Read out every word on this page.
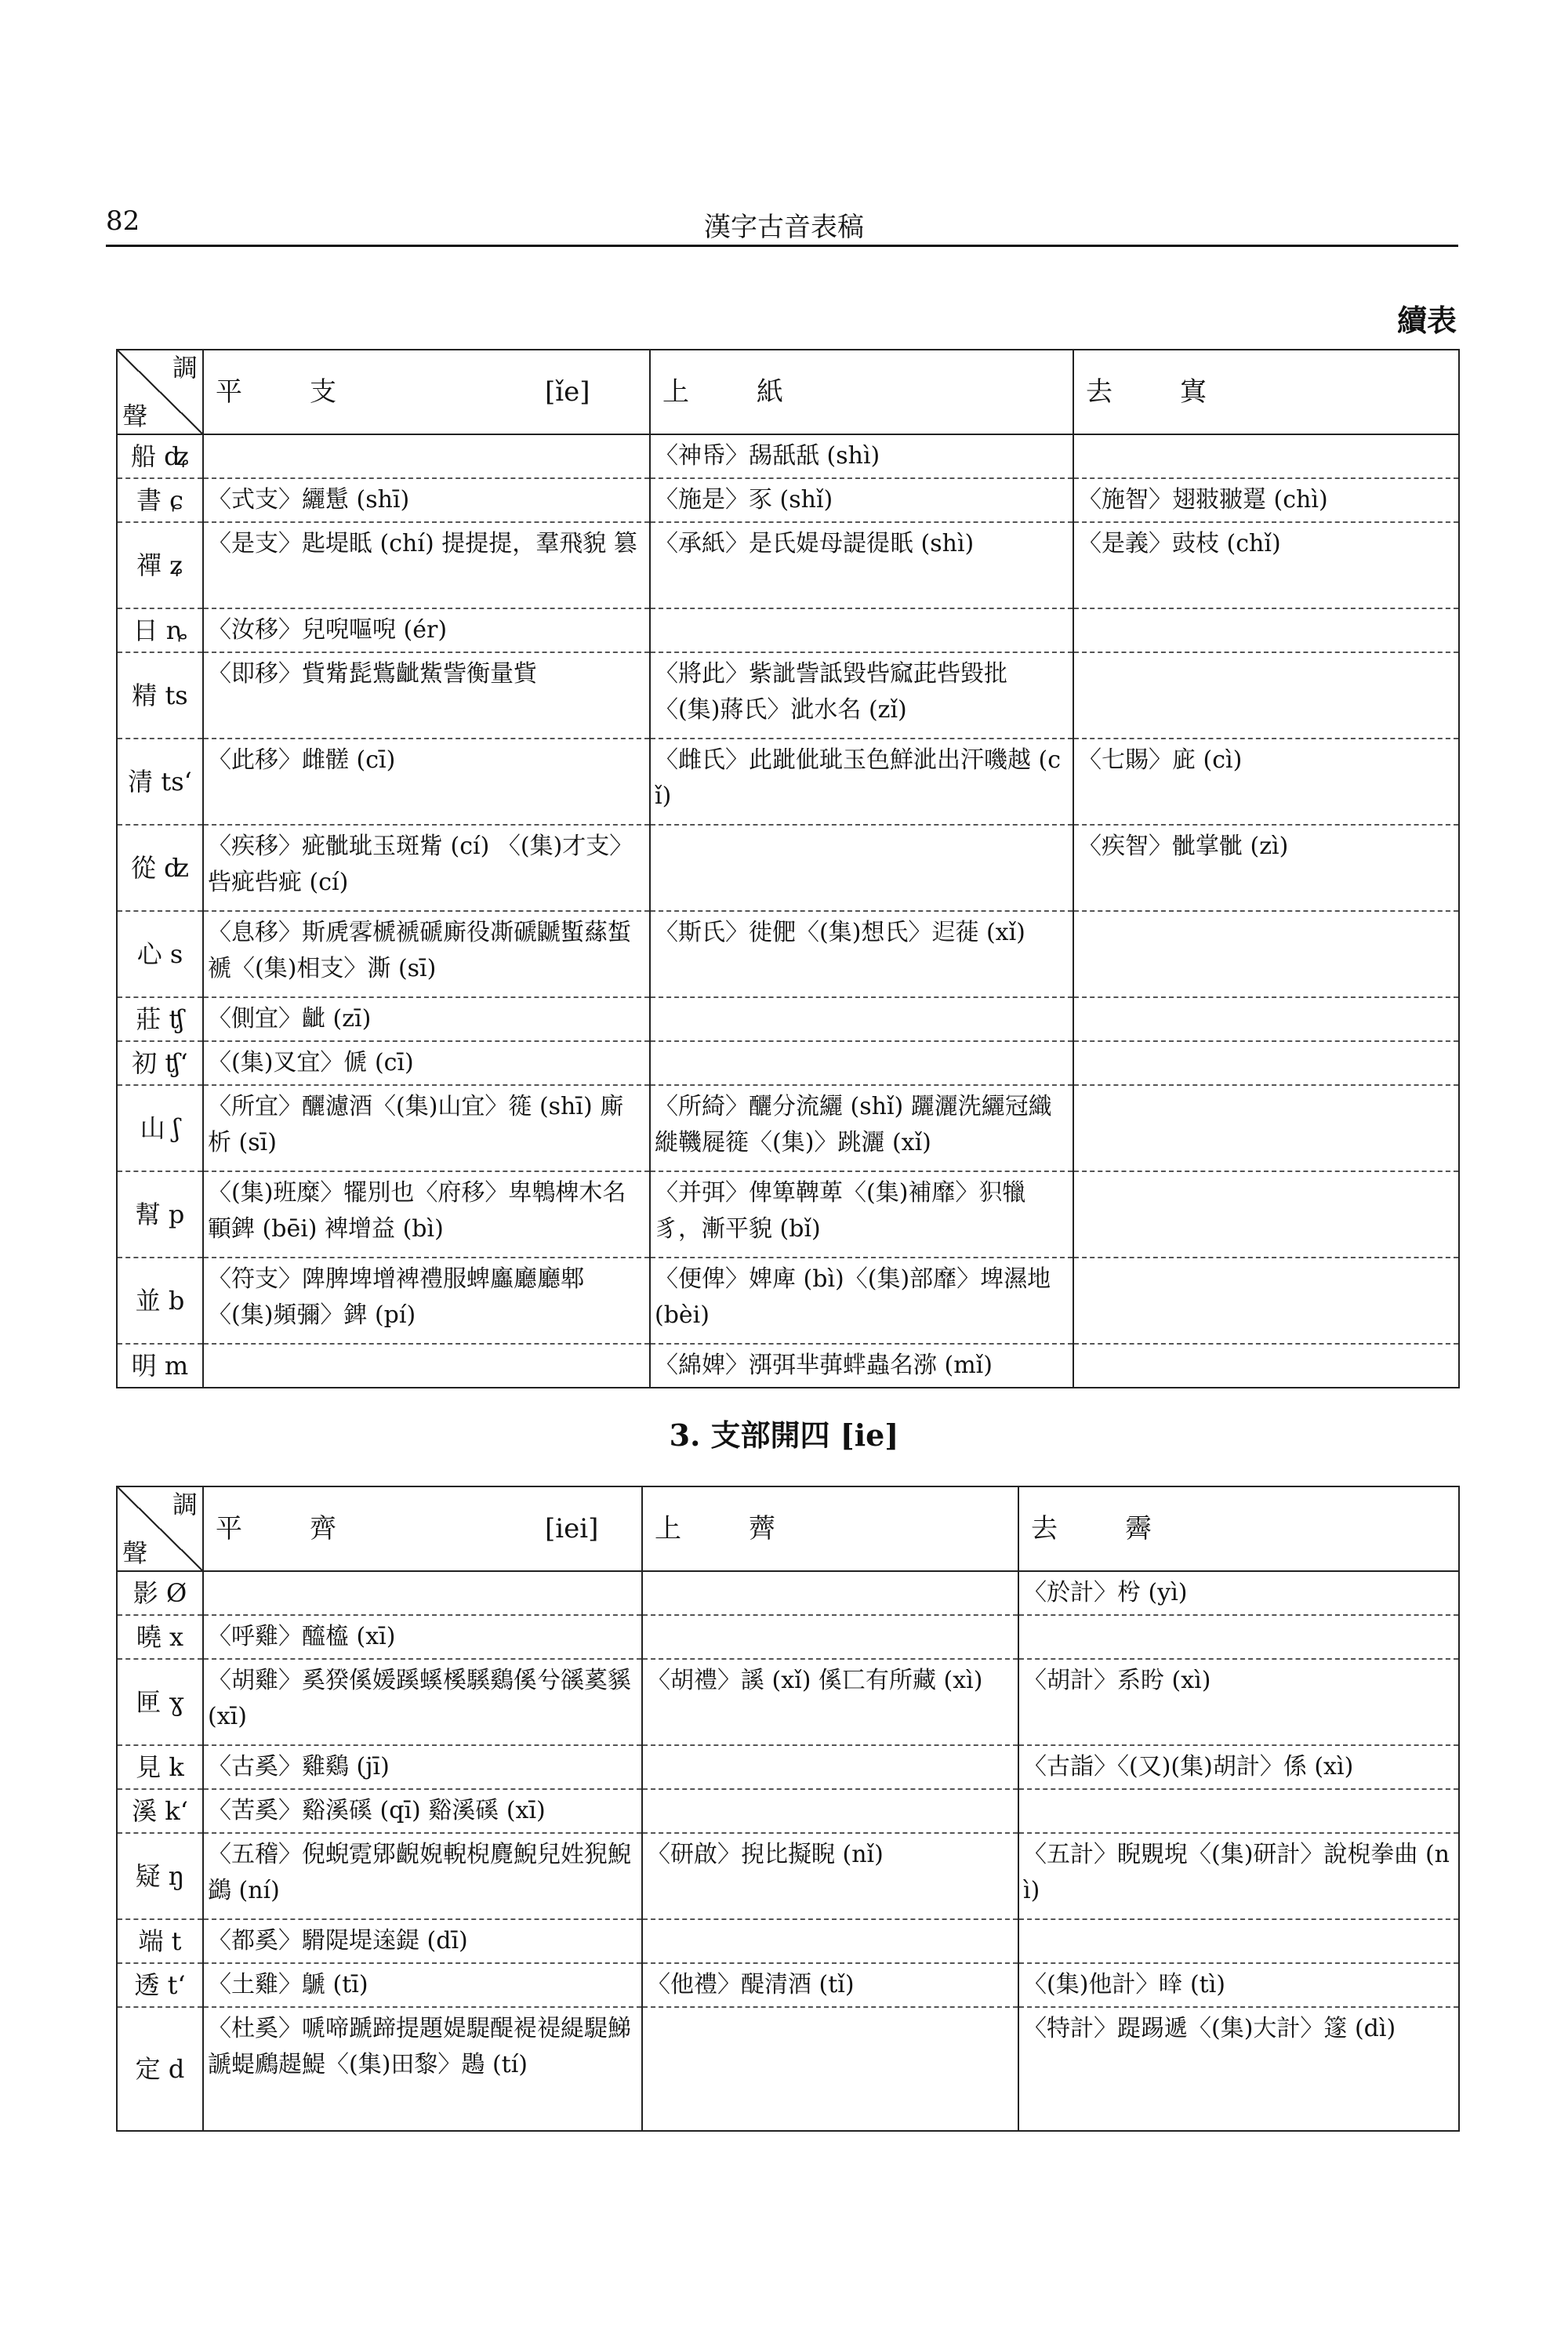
82	漢字古音表稿
續表
調
聲	平 支 [ǐe]	上 紙	去 寘

船 ʥ		〈神帋〉舓舐舐 (shì)	
書 ɕ	〈式支〉纚䰄 (shī)	〈施是〉豕 (shǐ)	〈施智〉翅翄翍翨 (chì)
禪 ʑ	〈是支〉匙堤眡 (chí) 提提提，羣飛貌 篡	〈承紙〉是氏媞母諟徥眂 (shì)	〈是義〉豉枝 (chǐ)
日 ȵ	〈汝移〉兒唲嘔唲 (ér)		
精 ts	〈即移〉貲觜髭鴜齜鮆訾衡量貲	〈將此〉紫訿訾詆毀呰窳茈呰毀批〈(集)蔣氏〉泚水名 (zǐ)	
清 ts‘	〈此移〉雌髊 (cī)	〈雌氏〉此跐佌玼玉色鮮泚出汗嘰越 (cǐ)	〈七賜〉庛 (cì)
從 ʣ	〈疾移〉疵骴玼玉斑觜 (cí) 〈(集)才支〉呰疵呰疵 (cí)		〈疾智〉骴掌骴 (zì)
心 s	〈息移〉斯虒𩂣榹褫磃廝役凘磃鼶蟴蕬蜤褫〈(集)相支〉澌 (sī)	〈斯氏〉徙俷〈(集)想氏〉𨒈蓰 (xǐ)	
莊 ʧ	〈側宜〉齜 (zī)		
初 ʧ‘	〈(集)叉宜〉傂 (cī)		
山 ʃ	〈所宜〉釃濾酒〈(集)山宜〉簁 (shī) 廝析 (sī)	〈所綺〉釃分流纚 (shǐ) 躧灑洗纚冠織縰鞿屣簁〈(集)〉跳灑 (xǐ)	
幫 p	〈(集)班糜〉犤別也〈府移〉卑鵯椑木名顐錍 (bēi) 裨增益 (bì)	〈并弭〉俾箄鞞萆〈(集)補靡〉𤝖犣豸，漸平貌 (bǐ)	
並 b	〈符支〉陴脾埤增裨禮服蜱蠯廳廳郫〈(集)頻彌〉錍 (pí)	〈便俾〉婢庳 (bì)〈(集)部靡〉埤濕地 (bèi)	
明 m		〈綿婢〉渳弭芈葞蝆蟲名㳽 (mǐ)	
3. 支部開四 [ie]
調
聲	平 齊 [iei]	上 薺	去 霽

影 Ø			〈於計〉枍 (yì)
曉 x	〈呼雞〉醯橀 (xī)		
匣 ɣ	〈胡雞〉奚猤傒媛蹊螇榽騱鷄傒兮豀蒵貕 (xī)	〈胡禮〉謑 (xǐ) 傒匸有所藏 (xì)	〈胡計〉系盻 (xì)
見 k	〈古奚〉雞鷄 (jī)		〈古詣〉〈(又)(集)胡計〉係 (xì)
溪 k‘	〈苦奚〉谿溪磎 (qī) 谿溪磎 (xī)		
疑 ŋ	〈五稽〉倪蜺霓郳齯婗輗棿麑鯢兒姓猊鯢鷁 (ní)	〈研啟〉掜比擬睨 (nǐ)	〈五計〉睨覞堄〈(集)研計〉說棿拳曲 (nì)
端 t	〈都奚〉䮩隄堤𨓫鍉 (dī)		
透 t‘	〈土雞〉鷈 (tī)	〈他禮〉醍清酒 (tǐ)	〈(集)他計〉𥈖 (tì)
定 d	〈杜奚〉嗁啼蹏蹄提題媞騠醍褆禔緹騠鮷謕蝭鷉趧鯷〈(集)田黎〉鶗 (tí)		〈特計〉踶踢遞〈(集)大計〉篴 (dì)
